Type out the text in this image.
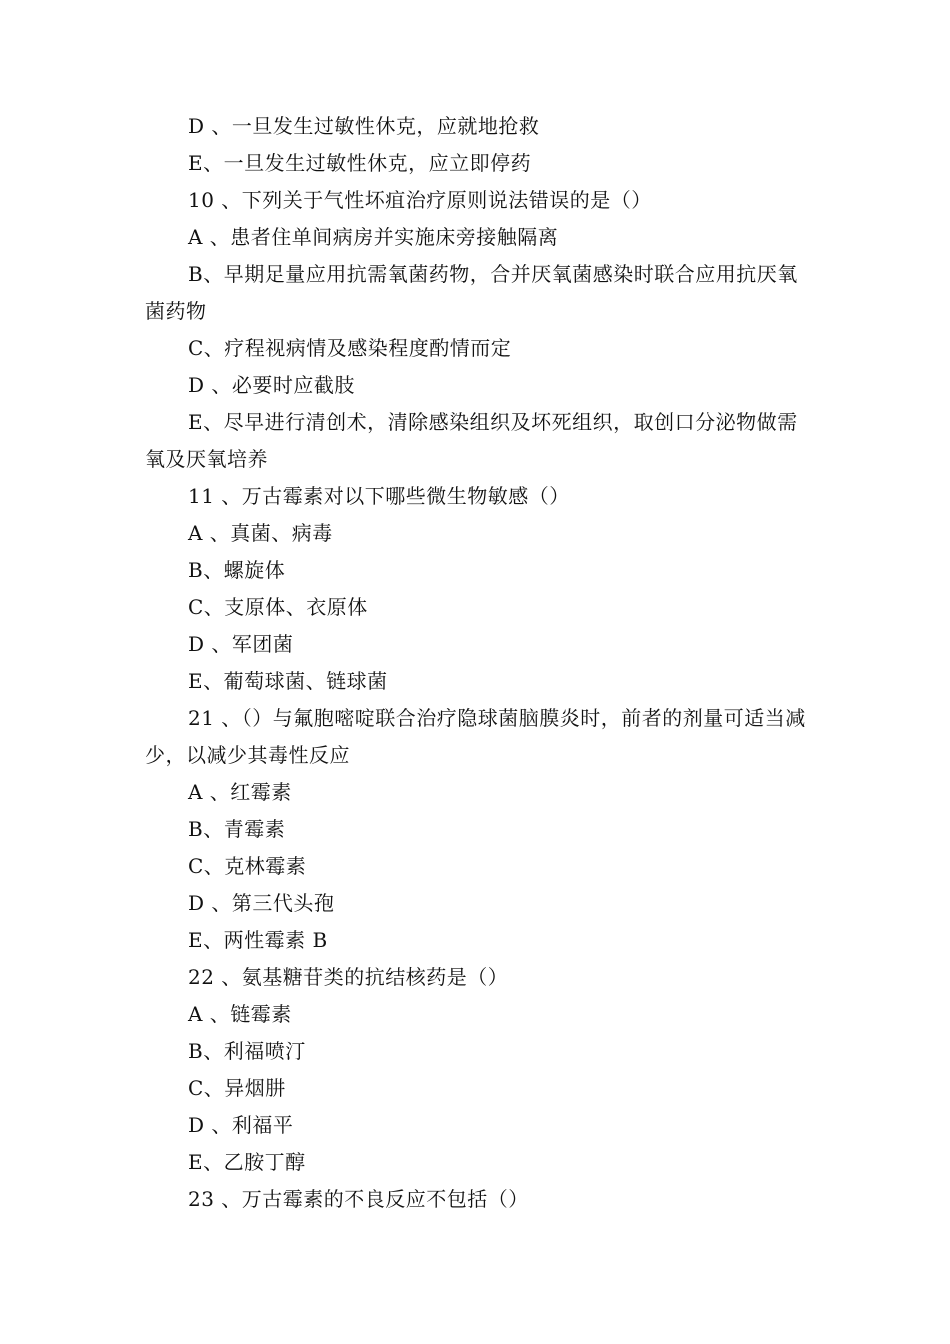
D 、一旦发生过敏性休克，应就地抢救
E、一旦发生过敏性休克，应立即停药
10 、下列关于气性坏疽治疗原则说法错误的是（）
A 、患者住单间病房并实施床旁接触隔离
B、早期足量应用抗需氧菌药物，合并厌氧菌感染时联合应用抗厌氧菌药物
C、疗程视病情及感染程度酌情而定
D 、必要时应截肢
E、尽早进行清创术，清除感染组织及坏死组织，取创口分泌物做需氧及厌氧培养
11 、万古霉素对以下哪些微生物敏感（）
A 、真菌、病毒
B、螺旋体
C、支原体、衣原体
D 、军团菌
E、葡萄球菌、链球菌
21 、（）与氟胞嘧啶联合治疗隐球菌脑膜炎时，前者的剂量可适当减少，以减少其毒性反应
A 、红霉素
B、青霉素
C、克林霉素
D 、第三代头孢
E、两性霉素 B
22 、氨基糖苷类的抗结核药是（）
A 、链霉素
B、利福喷汀
C、异烟肼
D 、利福平
E、乙胺丁醇
23 、万古霉素的不良反应不包括（）
